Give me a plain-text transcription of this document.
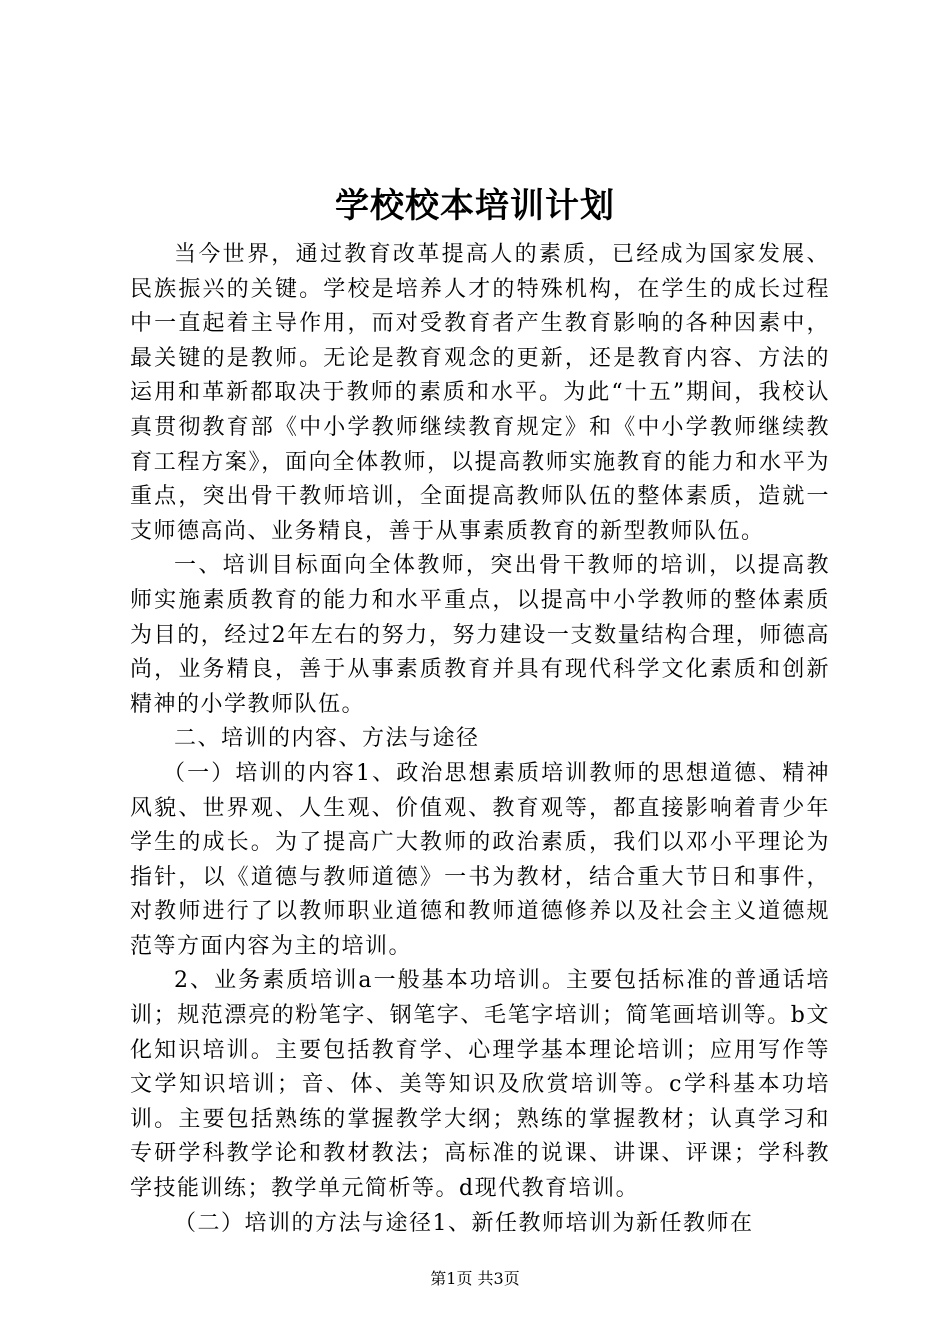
学校校本培训计划

当今世界，通过教育改革提高人的素质，已经成为国家发展、民族振兴的关键。学校是培养人才的特殊机构，在学生的成长过程中一直起着主导作用，而对受教育者产生教育影响的各种因素中，最关键的是教师。无论是教育观念的更新，还是教育内容、方法的运用和革新都取决于教师的素质和水平。为此“十五”期间，我校认真贯彻教育部《中小学教师继续教育规定》和《中小学教师继续教育工程方案》，面向全体教师，以提高教师实施教育的能力和水平为重点，突出骨干教师培训，全面提高教师队伍的整体素质，造就一支师德高尚、业务精良，善于从事素质教育的新型教师队伍。

一、培训目标面向全体教师，突出骨干教师的培训，以提高教师实施素质教育的能力和水平重点，以提高中小学教师的整体素质为目的，经过2年左右的努力，努力建设一支数量结构合理，师德高尚，业务精良，善于从事素质教育并具有现代科学文化素质和创新精神的小学教师队伍。

二、培训的内容、方法与途径

（一）培训的内容1、政治思想素质培训教师的思想道德、精神风貌、世界观、人生观、价值观、教育观等，都直接影响着青少年学生的成长。为了提高广大教师的政治素质，我们以邓小平理论为指针，以《道德与教师道德》一书为教材，结合重大节日和事件，对教师进行了以教师职业道德和教师道德修养以及社会主义道德规范等方面内容为主的培训。

2、业务素质培训a一般基本功培训。主要包括标准的普通话培训；规范漂亮的粉笔字、钢笔字、毛笔字培训；简笔画培训等。b文化知识培训。主要包括教育学、心理学基本理论培训；应用写作等文学知识培训；音、体、美等知识及欣赏培训等。c学科基本功培训。主要包括熟练的掌握教学大纲；熟练的掌握教材；认真学习和专研学科教学论和教材教法；高标准的说课、讲课、评课；学科教学技能训练；教学单元简析等。d现代教育培训。

（二）培训的方法与途径1、新任教师培训为新任教师在

第1页 共3页
